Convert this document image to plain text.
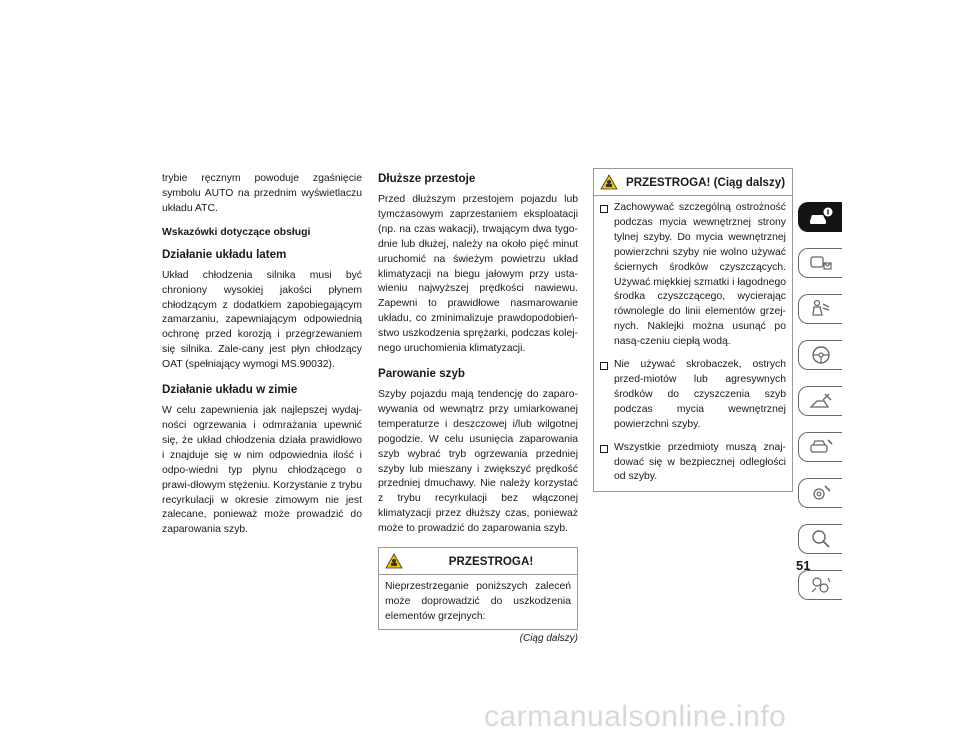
trybie ręcznym powoduje zgaśnięcie symbolu AUTO na przednim wyświetlaczu układu ATC.

Wskazówki dotyczące obsługi
Działanie układu latem

Układ chłodzenia silnika musi być chroniony wysokiej jakości płynem chłodzącym z dodatkiem zapobiegającym zamarzaniu, zapewniającym odpowiednią ochronę przed korozją i przegrzewaniem się silnika. Zale-cany jest płyn chłodzący OAT (spełniający wymogi MS.90032).

Działanie układu w zimie

W celu zapewnienia jak najlepszej wydaj-ności ogrzewania i odmrażania upewnić się, że układ chłodzenia działa prawidłowo i znajduje się w nim odpowiednia ilość i odpo-wiedni typ płynu chłodzącego o prawi-dłowym stężeniu. Korzystanie z trybu recyrkulacji w okresie zimowym nie jest zalecane, ponieważ może prowadzić do zaparowania szyb.

Dłuższe przestoje

Przed dłuższym przestojem pojazdu lub tymczasowym zaprzestaniem eksploatacji (np. na czas wakacji), trwającym dwa tygo-dnie lub dłużej, należy na około pięć minut uruchomić na świeżym powietrzu układ klimatyzacji na biegu jałowym przy usta-wieniu najwyższej prędkości nawiewu. Zapewni to prawidłowe nasmarowanie układu, co zminimalizuje prawdopodobień-stwo uszkodzenia sprężarki, podczas kolej-nego uruchomienia klimatyzacji.

Parowanie szyb

Szyby pojazdu mają tendencję do zaparo-wywania od wewnątrz przy umiarkowanej temperaturze i deszczowej i/lub wilgotnej pogodzie. W celu usunięcia zaparowania szyb wybrać tryb ogrzewania przedniej szyby lub mieszany i zwiększyć prędkość przedniej dmuchawy. Nie należy korzystać z trybu recyrkulacji bez włączonej klimatyzacji przez dłuższy czas, ponieważ może to prowadzić do zaparowania szyb.

PRZESTROGA!

Nieprzestrzeganie poniższych zaleceń może doprowadzić do uszkodzenia elementów grzejnych:

(Ciąg dalszy)
PRZESTROGA! (Ciąg dalszy)

Zachowywać szczególną ostrożność podczas mycia wewnętrznej strony tylnej szyby. Do mycia wewnętrznej powierzchni szyby nie wolno używać ściernych środków czyszczących. Używać miękkiej szmatki i łagodnego środka czyszczącego, wycierając równolegle do linii elementów grzej-nych. Naklejki można usunąć po nasą-czeniu ciepłą wodą.

Nie używać skrobaczek, ostrych przed-miotów lub agresywnych środków do czyszczenia szyb podczas mycia wewnętrznej powierzchni szyby.

Wszystkie przedmioty muszą znaj-dować się w bezpiecznej odległości od szyby.

51
carmanualsonline.info
